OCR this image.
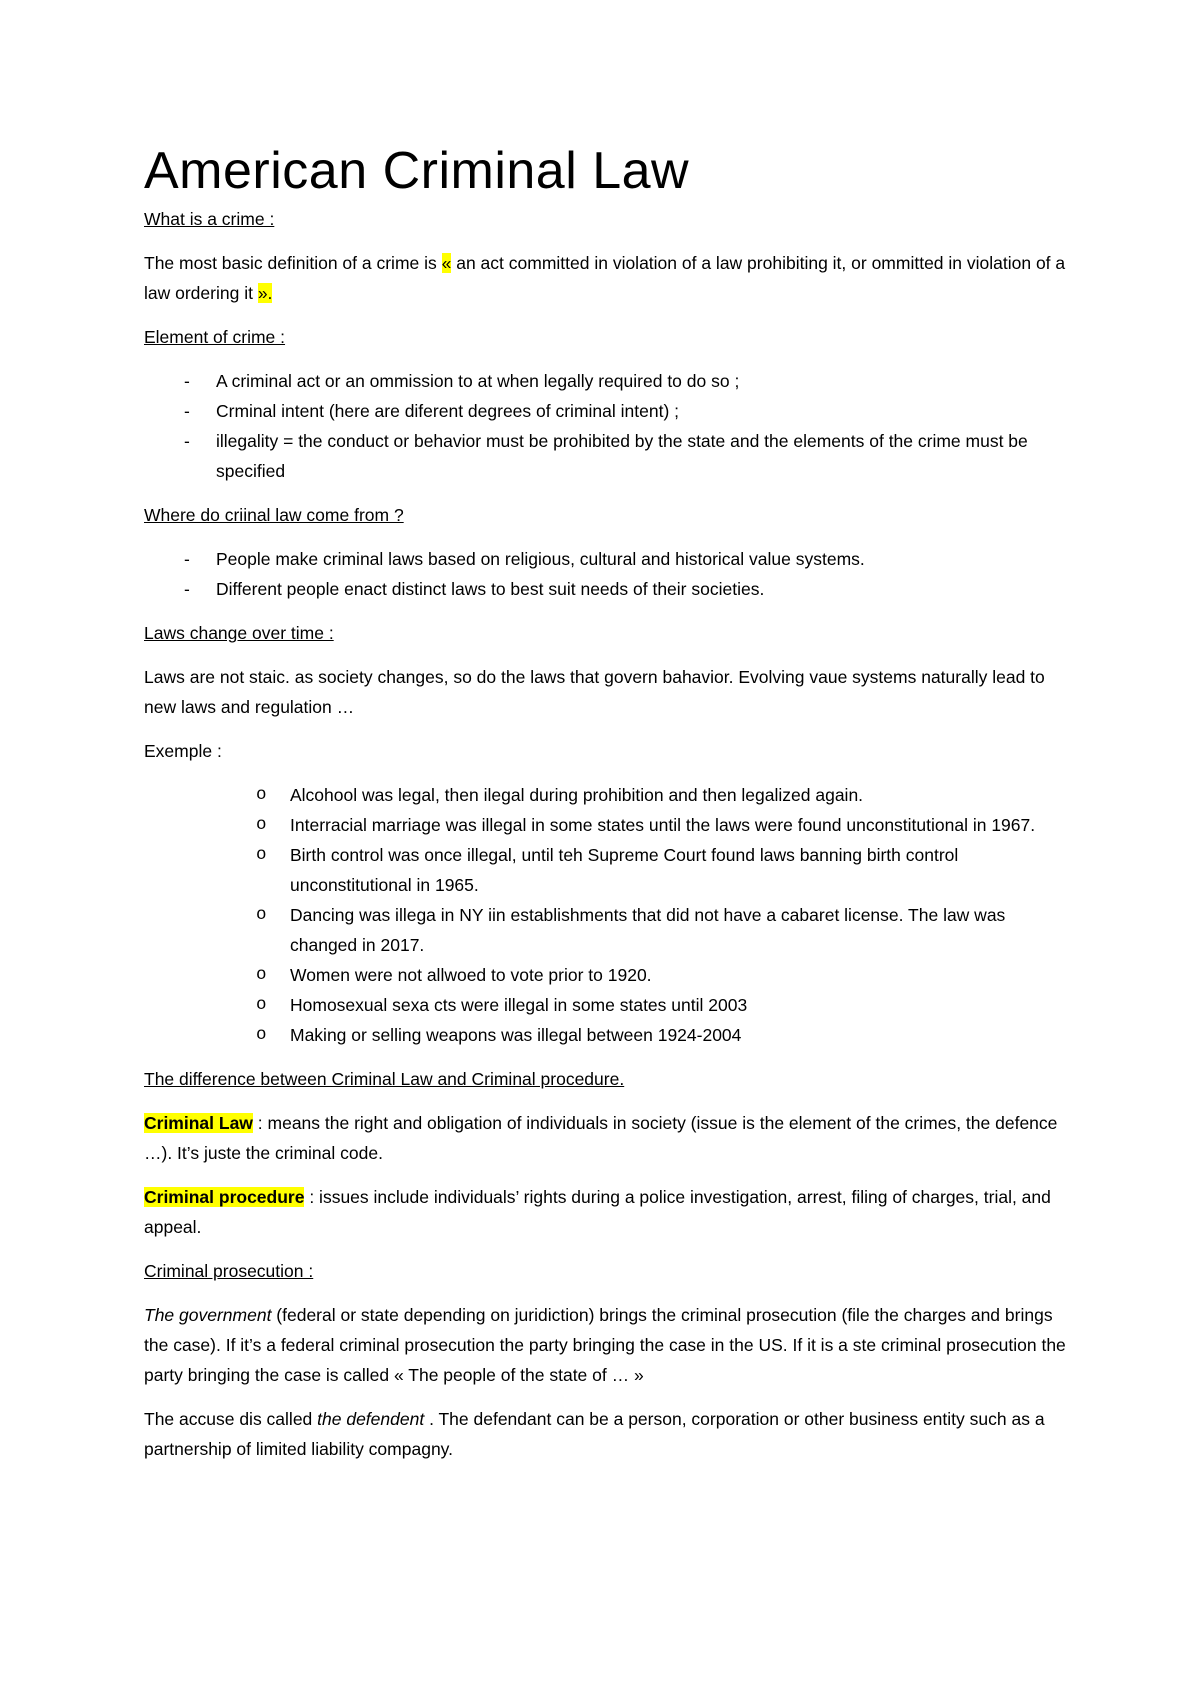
American Criminal Law

What is a crime :

The most basic definition of a crime is « an act committed in violation of a law prohibiting it, or ommitted in violation of a law ordering it ».

Element of crime :

- A criminal act or an ommission to at when legally required to do so ;
- Crminal intent (here are diferent degrees of criminal intent) ;
- illegality = the conduct or behavior must be prohibited by the state and the elements of the crime must be specified

Where do criinal law come from ?

- People make criminal laws based on religious, cultural and historical value systems.
- Different people enact distinct laws to best suit needs of their societies.

Laws change over time :

Laws are not staic. as society changes, so do the laws that govern bahavior. Evolving vaue systems naturally lead to new laws and regulation …

Exemple :

o Alcohool was legal, then ilegal during prohibition and then legalized again.
o Interracial marriage was illegal in some states until the laws were found unconstitutional in 1967.
o Birth control was once illegal, until teh Supreme Court found laws banning birth control unconstitutional in 1965.
o Dancing was illega in NY iin establishments that did not have a cabaret license. The law was changed in 2017.
o Women were not allwoed to vote prior to 1920.
o Homosexual sexa cts were illegal in some states until 2003
o Making or selling weapons was illegal between 1924-2004

The difference between Criminal Law and Criminal procedure.

Criminal Law : means the right and obligation of individuals in society (issue is the element of the crimes, the defence …). It’s juste the criminal code.

Criminal procedure : issues include individuals’ rights during a police investigation, arrest, filing of charges, trial, and appeal.

Criminal prosecution :

The government (federal or state depending on juridiction) brings the criminal prosecution (file the charges and brings the case). If it’s a federal criminal prosecution the party bringing the case in the US. If it is a ste criminal prosecution the party bringing the case is called « The people of the state of … »

The accuse dis called the defendent . The defendant can be a person, corporation or other business entity such as a partnership of limited liability compagny.
